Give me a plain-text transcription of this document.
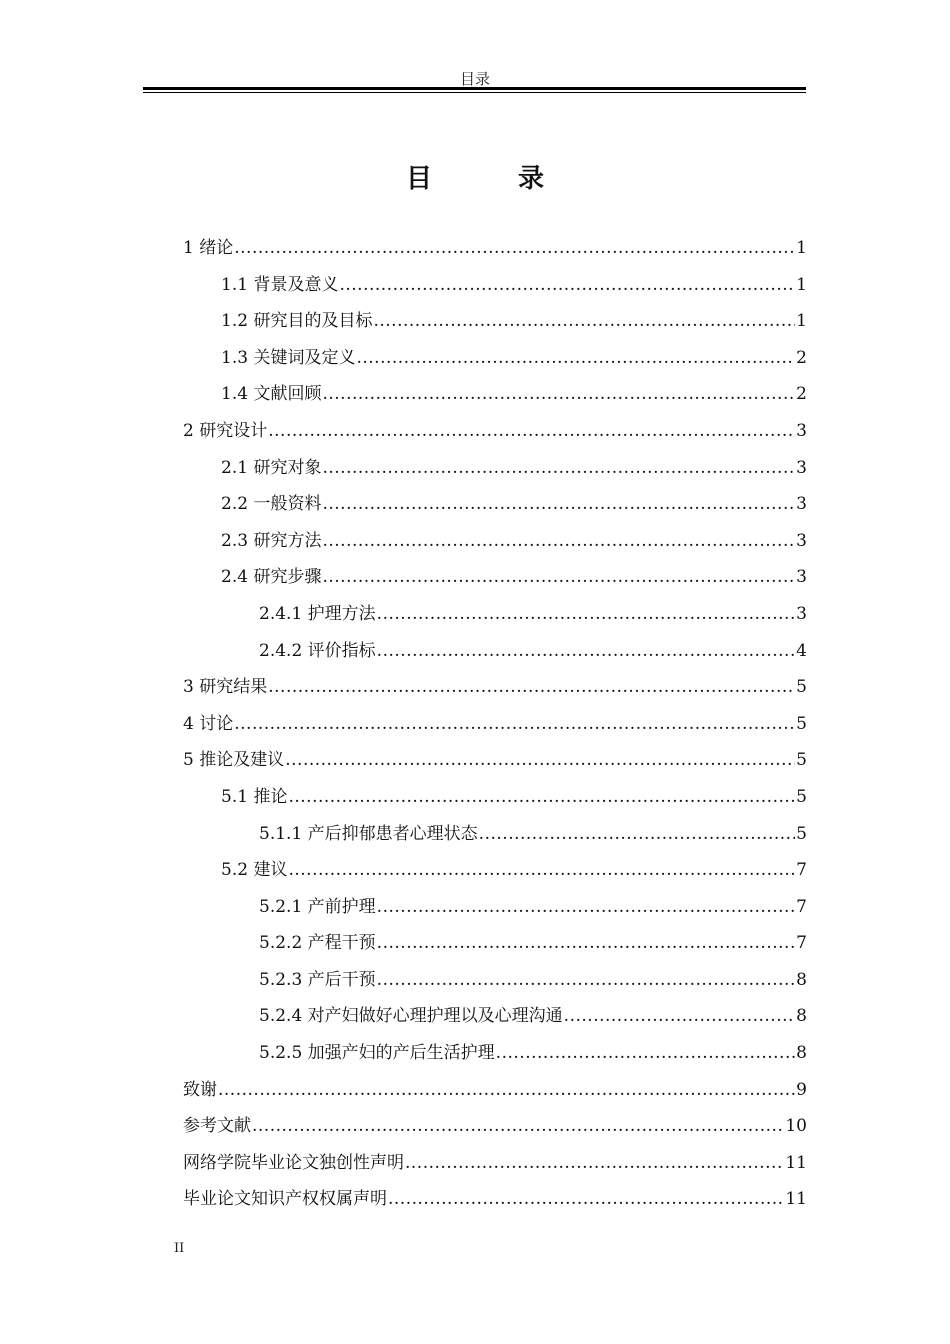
目录
目　录
1 绪论 .....	1
1.1 背景及意义 .....	1
1.2 研究目的及目标 .....	1
1.3 关键词及定义 .....	2
1.4 文献回顾 .....	2
2 研究设计 .....	3
2.1 研究对象 .....	3
2.2 一般资料 .....	3
2.3 研究方法 .....	3
2.4 研究步骤 .....	3
2.4.1 护理方法 .....	3
2.4.2 评价指标 .....	4
3 研究结果 .....	5
4 讨论 .....	5
5 推论及建议 .....	5
5.1 推论 .....	5
5.1.1 产后抑郁患者心理状态 .....	5
5.2 建议 .....	7
5.2.1 产前护理 .....	7
5.2.2 产程干预 .....	7
5.2.3 产后干预 .....	8
5.2.4 对产妇做好心理护理以及心理沟通 .....	8
5.2.5 加强产妇的产后生活护理 .....	8
致谢 .....	9
参考文献 .....	10
网络学院毕业论文独创性声明 .....	11
毕业论文知识产权权属声明 .....	11
II
